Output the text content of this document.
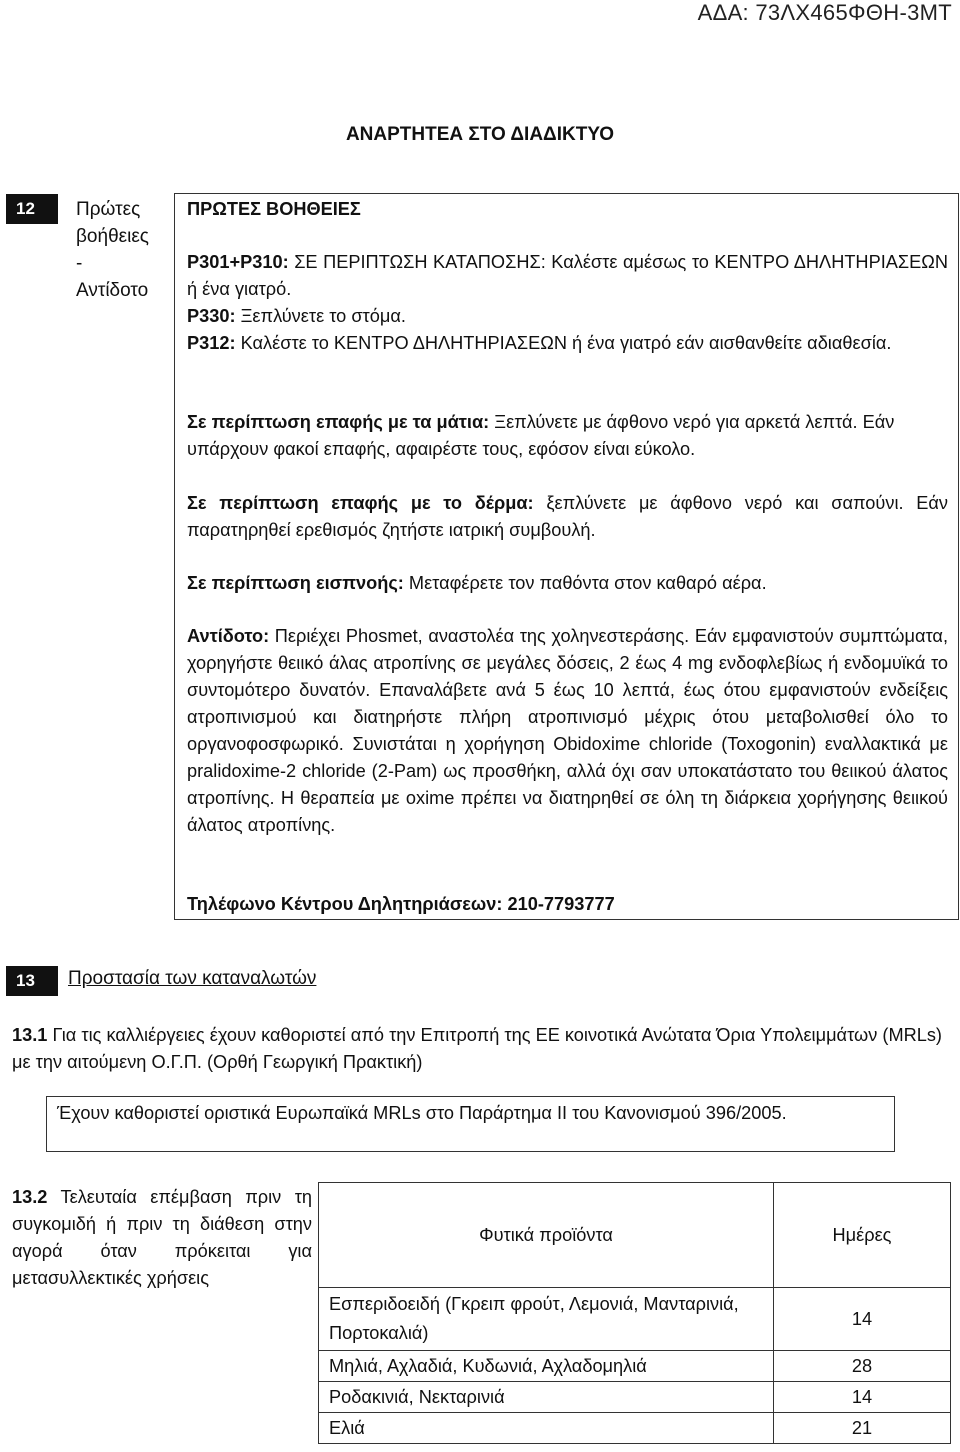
ΑΔΑ: 73ΛΧ465ΦΘΗ-3ΜΤ
ΑΝΑΡΤΗΤΕΑ ΣΤΟ ΔΙΑΔΙΚΤΥΟ
12	Πρώτες
βοήθειες
-
Αντίδοτο
ΠΡΩΤΕΣ ΒΟΗΘΕΙΕΣ
P301+P310: ΣΕ ΠΕΡΙΠΤΩΣΗ ΚΑΤΑΠΟΣΗΣ: Καλέστε αμέσως το ΚΕΝΤΡΟ ΔΗΛΗΤΗΡΙΑΣΕΩΝ ή ένα γιατρό.
P330: Ξεπλύνετε το στόμα.
P312: Καλέστε το ΚΕΝΤΡΟ ΔΗΛΗΤΗΡΙΑΣΕΩΝ ή ένα γιατρό εάν αισθανθείτε αδιαθεσία.
Σε περίπτωση επαφής με τα μάτια: Ξεπλύνετε με άφθονο νερό για αρκετά λεπτά. Εάν υπάρχουν φακοί επαφής, αφαιρέστε τους, εφόσον είναι εύκολο.
Σε περίπτωση επαφής με το δέρμα: ξεπλύνετε με άφθονο νερό και σαπούνι. Εάν παρατηρηθεί ερεθισμός ζητήστε ιατρική συμβουλή.
Σε περίπτωση εισπνοής: Μεταφέρετε τον παθόντα στον καθαρό αέρα.
Αντίδοτο: Περιέχει Phosmet, αναστολέα της χοληνεστεράσης. Εάν εμφανιστούν συμπτώματα, χορηγήστε θειικό άλας ατροπίνης σε μεγάλες δόσεις, 2 έως 4 mg ενδοφλεβίως ή ενδομυϊκά το συντομότερο δυνατόν. Επαναλάβετε ανά 5 έως 10 λεπτά, έως ότου εμφανιστούν ενδείξεις ατροπινισμού και διατηρήστε πλήρη ατροπινισμό μέχρις ότου μεταβολισθεί όλο το οργανοφοσφωρικό. Συνιστάται η χορήγηση Obidoxime chloride (Toxogonin) εναλλακτικά με pralidoxime-2 chloride (2-Pam) ως προσθήκη, αλλά όχι σαν υποκατάστατο του θειικού άλατος ατροπίνης. Η θεραπεία με oxime πρέπει να διατηρηθεί σε όλη τη διάρκεια χορήγησης θειικού άλατος ατροπίνης.
Τηλέφωνο Κέντρου Δηλητηριάσεων: 210-7793777
13	Προστασία των καταναλωτών
13.1 Για τις καλλιέργειες έχουν καθοριστεί από την Επιτροπή της ΕΕ κοινοτικά Ανώτατα Όρια Υπολειμμάτων (MRLs) με την αιτούμενη Ο.Γ.Π. (Ορθή Γεωργική Πρακτική)
Έχουν καθοριστεί οριστικά Ευρωπαϊκά MRLs στο Παράρτημα ΙΙ του Κανονισμού 396/2005.
13.2 Τελευταία επέμβαση πριν τη συγκομιδή ή πριν τη διάθεση στην αγορά όταν πρόκειται για μετασυλλεκτικές χρήσεις
Φυτικά προϊόντα	Ημέρες
Εσπεριδοειδή (Γκρειπ φρούτ, Λεμονιά, Μανταρινιά, Πορτοκαλιά)	14
Μηλιά, Αχλαδιά, Κυδωνιά, Αχλαδομηλιά	28
Ροδακινιά, Νεκταρινιά	14
Ελιά	21
